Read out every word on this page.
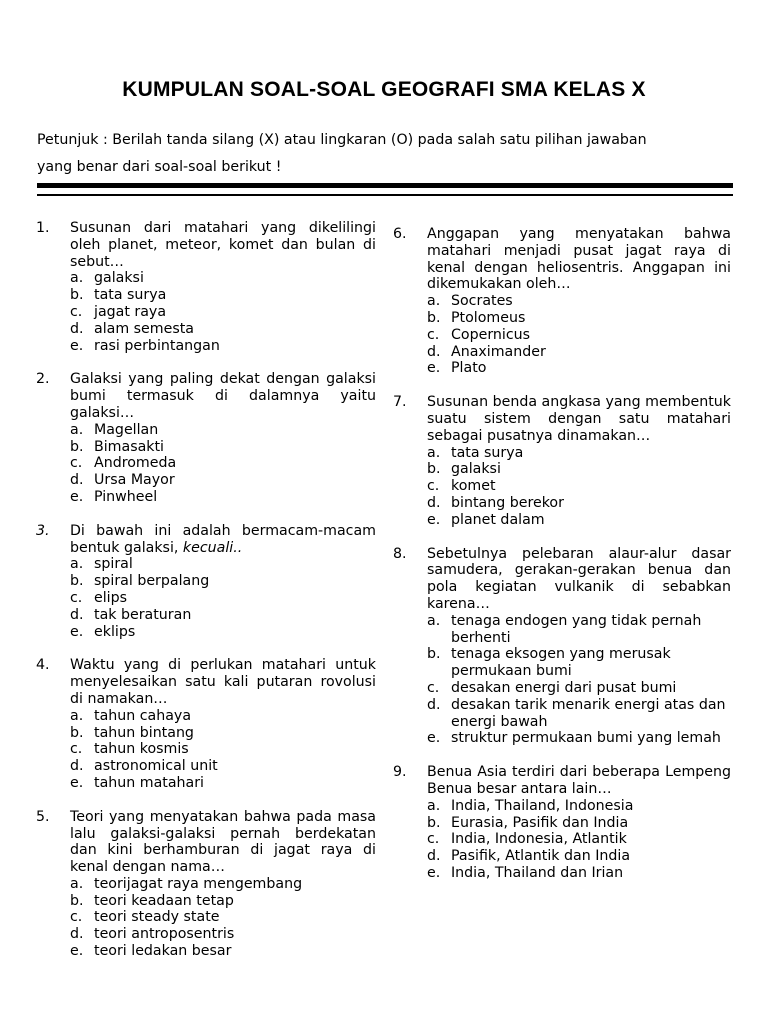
KUMPULAN SOAL-SOAL GEOGRAFI SMA KELAS X
Petunjuk : Berilah tanda silang (X) atau lingkaran (O) pada salah satu pilihan jawaban
yang benar dari soal-soal berikut !
1.	Susunan dari matahari yang dikelilingi oleh planet, meteor, komet dan bulan di sebut…
a. galaksi
b. tata surya
c. jagat raya
d. alam semesta
e. rasi perbintangan
2.	Galaksi yang paling dekat dengan galaksi bumi termasuk di dalamnya yaitu galaksi…
a. Magellan
b. Bimasakti
c. Andromeda
d. Ursa Mayor
e. Pinwheel
3.	Di bawah ini adalah bermacam-macam bentuk galaksi, kecuali..
a. spiral
b. spiral berpalang
c. elips
d. tak beraturan
e. eklips
4.	Waktu yang di perlukan matahari untuk menyelesaikan satu kali putaran rovolusi di namakan…
a. tahun cahaya
b. tahun bintang
c. tahun kosmis
d. astronomical unit
e. tahun matahari
5.	Teori yang menyatakan bahwa pada masa lalu galaksi-galaksi pernah berdekatan dan kini berhamburan di jagat raya di kenal dengan nama…
a. teorijagat raya mengembang
b. teori keadaan tetap
c. teori steady state
d. teori antroposentris
e. teori ledakan besar
6.	Anggapan yang menyatakan bahwa matahari menjadi pusat jagat raya di kenal dengan heliosentris. Anggapan ini dikemukakan oleh…
a. Socrates
b. Ptolomeus
c. Copernicus
d. Anaximander
e. Plato
7.	Susunan benda angkasa yang membentuk suatu sistem dengan satu matahari sebagai pusatnya dinamakan…
a. tata surya
b. galaksi
c. komet
d. bintang berekor
e. planet dalam
8.	Sebetulnya pelebaran alaur-alur dasar samudera, gerakan-gerakan benua dan pola kegiatan vulkanik di sebabkan karena…
a. tenaga endogen yang tidak pernah berhenti
b. tenaga eksogen yang merusak permukaan bumi
c. desakan energi dari pusat bumi
d. desakan tarik menarik energi atas dan energi bawah
e. struktur permukaan bumi yang lemah
9.	Benua Asia terdiri dari beberapa Lempeng Benua besar antara lain…
a. India, Thailand, Indonesia
b. Eurasia, Pasifik dan India
c. India, Indonesia, Atlantik
d. Pasifik, Atlantik dan India
e. India, Thailand dan Irian
